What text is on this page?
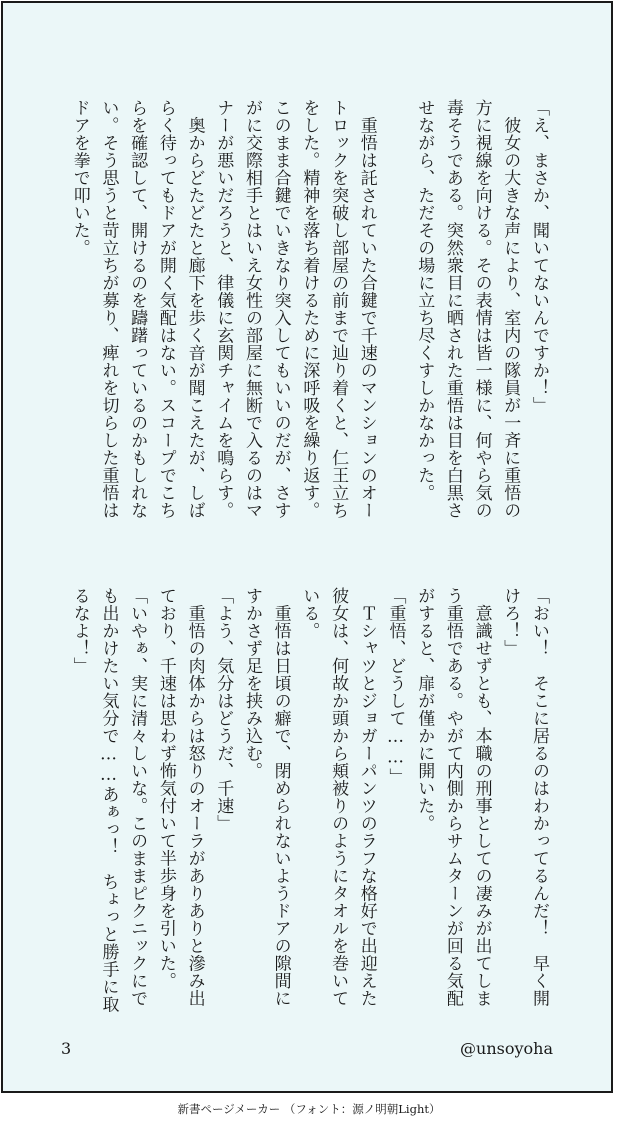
「え、まさか、聞いてないんですか！」
　彼女の大きな声により、室内の隊員が一斉に重悟の
方に視線を向ける。その表情は皆一様に、何やら気の
毒そうである。突然衆目に晒された重悟は目を白黒さ
せながら、ただその場に立ち尽くすしかなかった。

　重悟は託されていた合鍵で千速のマンションのオー
トロックを突破し部屋の前まで辿り着くと、仁王立ち
をした。精神を落ち着けるために深呼吸を繰り返す。
このまま合鍵でいきなり突入してもいいのだが、さす
がに交際相手とはいえ女性の部屋に無断で入るのはマ
ナーが悪いだろうと、律儀に玄関チャイムを鳴らす。
　奥からどたどたと廊下を歩く音が聞こえたが、しば
らく待ってもドアが開く気配はない。スコープでこち
らを確認して、開けるのを躊躇っているのかもしれな
い。そう思うと苛立ちが募り、痺れを切らした重悟は
ドアを拳で叩いた。
「おい！　そこに居るのはわかってるんだ！　早く開
けろ！」
　意識せずとも、本職の刑事としての凄みが出てしま
う重悟である。やがて内側からサムターンが回る気配
がすると、扉が僅かに開いた。
「重悟、どうして……」
　Ｔシャツとジョガーパンツのラフな格好で出迎えた
彼女は、何故か頭から頬被りのようにタオルを巻いて
いる。
　重悟は日頃の癖で、閉められないようドアの隙間に
すかさず足を挟み込む。
「よう、気分はどうだ、千速」
　重悟の肉体からは怒りのオーラがありありと滲み出
ており、千速は思わず怖気付いて半歩身を引いた。
「いやぁ、実に清々しいな。このままピクニックにで
も出かけたい気分で……あぁっ！　ちょっと勝手に取
るなよ！」
3	@unsoyoha
新書ページメーカー （フォント：源ノ明朝Light）
